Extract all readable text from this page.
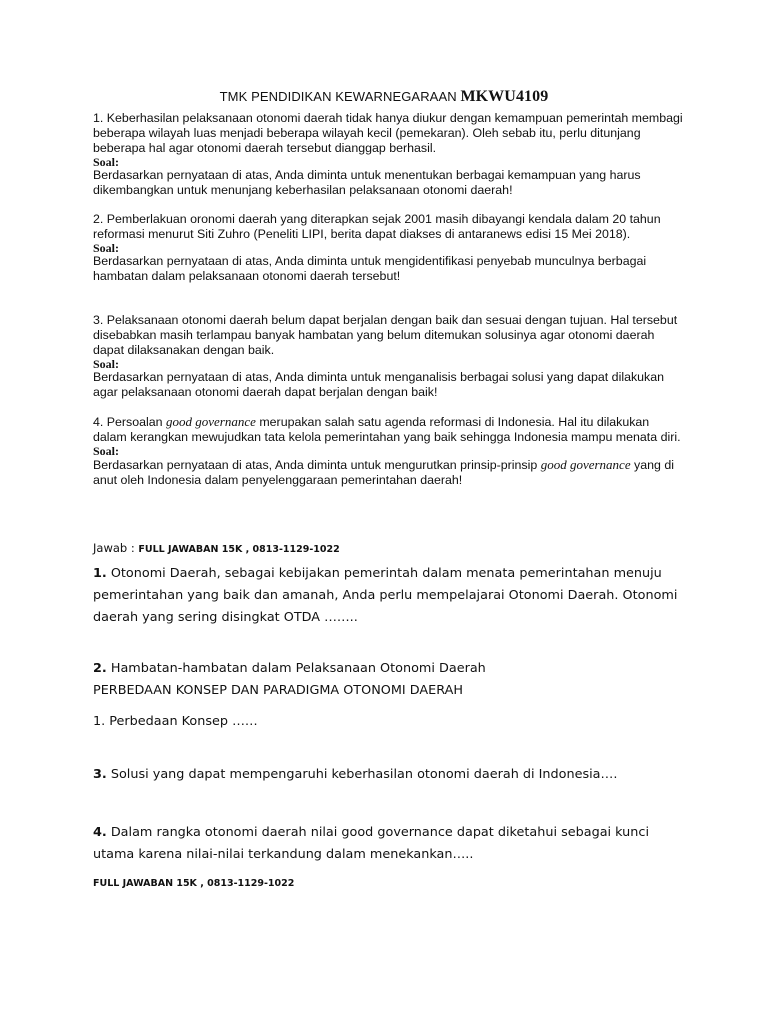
TMK PENDIDIKAN KEWARNEGARAAN MKWU4109

1. Keberhasilan pelaksanaan otonomi daerah tidak hanya diukur dengan kemampuan pemerintah membagi beberapa wilayah luas menjadi beberapa wilayah kecil (pemekaran). Oleh sebab itu, perlu ditunjang beberapa hal agar otonomi daerah tersebut dianggap berhasil.

Soal:

Berdasarkan pernyataan di atas, Anda diminta untuk menentukan berbagai kemampuan yang harus dikembangkan untuk menunjang keberhasilan pelaksanaan otonomi daerah!

2. Pemberlakuan oronomi daerah yang diterapkan sejak 2001 masih dibayangi kendala dalam 20 tahun reformasi menurut Siti Zuhro (Peneliti LIPI, berita dapat diakses di antaranews edisi 15 Mei 2018).

Soal:

Berdasarkan pernyataan di atas, Anda diminta untuk mengidentifikasi penyebab munculnya berbagai hambatan dalam pelaksanaan otonomi daerah tersebut!

3. Pelaksanaan otonomi daerah belum dapat berjalan dengan baik dan sesuai dengan tujuan. Hal tersebut disebabkan masih terlampau banyak hambatan yang belum ditemukan solusinya agar otonomi daerah dapat dilaksanakan dengan baik.

Soal:

Berdasarkan pernyataan di atas, Anda diminta untuk menganalisis berbagai solusi yang dapat dilakukan agar pelaksanaan otonomi daerah dapat berjalan dengan baik!

4. Persoalan good governance merupakan salah satu agenda reformasi di Indonesia. Hal itu dilakukan dalam kerangkan mewujudkan tata kelola pemerintahan yang baik sehingga Indonesia mampu menata diri.

Soal:

Berdasarkan pernyataan di atas, Anda diminta untuk mengurutkan prinsip-prinsip good governance yang di anut oleh Indonesia dalam penyelenggaraan pemerintahan daerah!

Jawab : FULL JAWABAN 15K , 0813-1129-1022
1. Otonomi Daerah, sebagai kebijakan pemerintah dalam menata pemerintahan menuju pemerintahan yang baik dan amanah, Anda perlu mempelajarai Otonomi Daerah. Otonomi daerah yang sering disingkat OTDA ……..
2. Hambatan-hambatan dalam Pelaksanaan Otonomi Daerah
PERBEDAAN KONSEP DAN PARADIGMA OTONOMI DAERAH
1. Perbedaan Konsep ……
3. Solusi yang dapat mempengaruhi keberhasilan otonomi daerah di Indonesia….
4. Dalam rangka otonomi daerah nilai good governance dapat diketahui sebagai kunci utama karena nilai-nilai terkandung dalam menekankan…..
FULL JAWABAN 15K , 0813-1129-1022
